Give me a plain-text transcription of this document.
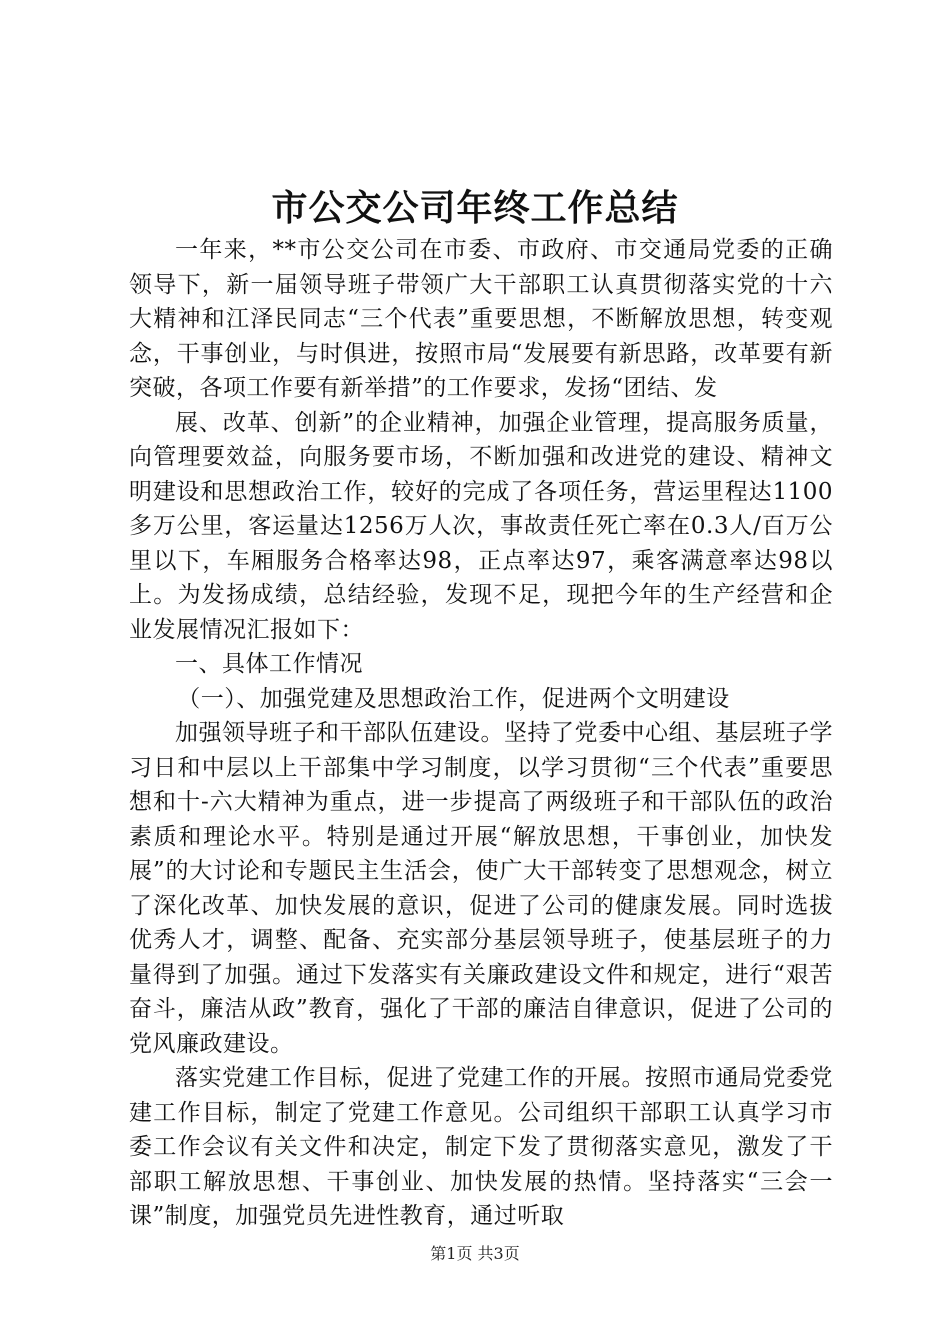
市公交公司年终工作总结

一年来，**市公交公司在市委、市政府、市交通局党委的正确领导下，新一届领导班子带领广大干部职工认真贯彻落实党的十六大精神和江泽民同志“三个代表”重要思想，不断解放思想，转变观念，干事创业，与时俱进，按照市局“发展要有新思路，改革要有新突破，各项工作要有新举措”的工作要求，发扬“团结、发

展、改革、创新”的企业精神，加强企业管理，提高服务质量，向管理要效益，向服务要市场，不断加强和改进党的建设、精神文明建设和思想政治工作，较好的完成了各项任务，营运里程达1100多万公里，客运量达1256万人次，事故责任死亡率在0.3人/百万公里以下，车厢服务合格率达98，正点率达97，乘客满意率达98以上。为发扬成绩，总结经验，发现不足，现把今年的生产经营和企业发展情况汇报如下：

一、具体工作情况

（一）、加强党建及思想政治工作，促进两个文明建设

加强领导班子和干部队伍建设。坚持了党委中心组、基层班子学习日和中层以上干部集中学习制度，以学习贯彻“三个代表”重要思想和十-六大精神为重点，进一步提高了两级班子和干部队伍的政治素质和理论水平。特别是通过开展“解放思想，干事创业，加快发展”的大讨论和专题民主生活会，使广大干部转变了思想观念，树立了深化改革、加快发展的意识，促进了公司的健康发展。同时选拔优秀人才，调整、配备、充实部分基层领导班子，使基层班子的力量得到了加强。通过下发落实有关廉政建设文件和规定，进行“艰苦奋斗，廉洁从政”教育，强化了干部的廉洁自律意识，促进了公司的党风廉政建设。

落实党建工作目标，促进了党建工作的开展。按照市通局党委党建工作目标，制定了党建工作意见。公司组织干部职工认真学习市委工作会议有关文件和决定，制定下发了贯彻落实意见，激发了干部职工解放思想、干事创业、加快发展的热情。坚持落实“三会一课”制度，加强党员先进性教育，通过听取

第1页 共3页
